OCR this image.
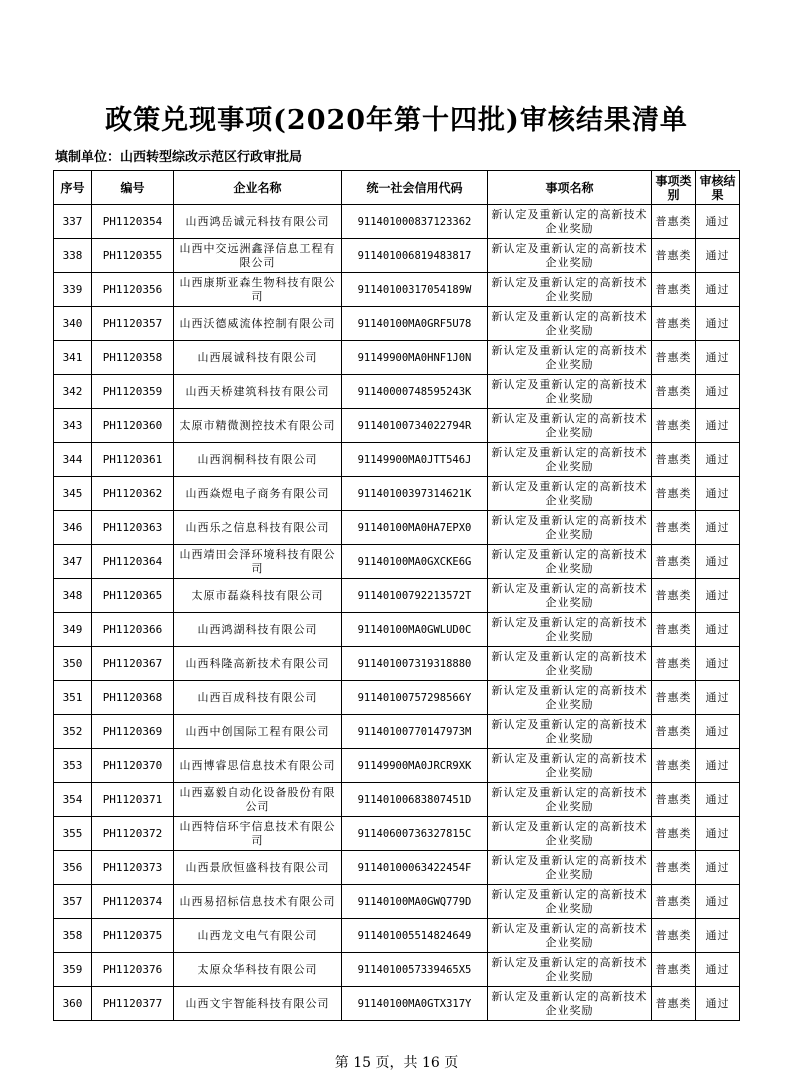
政策兑现事项(2020年第十四批)审核结果清单
填制单位：山西转型综改示范区行政审批局
序号	编号	企业名称	统一社会信用代码	事项名称	事项类别	审核结果
337	PH1120354	山西鸿岳诚元科技有限公司	911401000837123362	新认定及重新认定的高新技术企业奖励	普惠类	通过
338	PH1120355	山西中交远洲鑫泽信息工程有限公司	911401006819483817	新认定及重新认定的高新技术企业奖励	普惠类	通过
339	PH1120356	山西康斯亚森生物科技有限公司	91140100317054189W	新认定及重新认定的高新技术企业奖励	普惠类	通过
340	PH1120357	山西沃德威流体控制有限公司	91140100MA0GRF5U78	新认定及重新认定的高新技术企业奖励	普惠类	通过
341	PH1120358	山西展诚科技有限公司	91149900MA0HNF1J0N	新认定及重新认定的高新技术企业奖励	普惠类	通过
342	PH1120359	山西天桥建筑科技有限公司	91140000748595243K	新认定及重新认定的高新技术企业奖励	普惠类	通过
343	PH1120360	太原市精微测控技术有限公司	91140100734022794R	新认定及重新认定的高新技术企业奖励	普惠类	通过
344	PH1120361	山西润桐科技有限公司	91149900MA0JTT546J	新认定及重新认定的高新技术企业奖励	普惠类	通过
345	PH1120362	山西焱煜电子商务有限公司	91140100397314621K	新认定及重新认定的高新技术企业奖励	普惠类	通过
346	PH1120363	山西乐之信息科技有限公司	91140100MA0HA7EPX0	新认定及重新认定的高新技术企业奖励	普惠类	通过
347	PH1120364	山西靖田会泽环境科技有限公司	91140100MA0GXCKE6G	新认定及重新认定的高新技术企业奖励	普惠类	通过
348	PH1120365	太原市磊焱科技有限公司	91140100792213572T	新认定及重新认定的高新技术企业奖励	普惠类	通过
349	PH1120366	山西鸿湖科技有限公司	91140100MA0GWLUD0C	新认定及重新认定的高新技术企业奖励	普惠类	通过
350	PH1120367	山西科隆高新技术有限公司	911401007319318880	新认定及重新认定的高新技术企业奖励	普惠类	通过
351	PH1120368	山西百成科技有限公司	91140100757298566Y	新认定及重新认定的高新技术企业奖励	普惠类	通过
352	PH1120369	山西中创国际工程有限公司	91140100770147973M	新认定及重新认定的高新技术企业奖励	普惠类	通过
353	PH1120370	山西博睿思信息技术有限公司	91149900MA0JRCR9XK	新认定及重新认定的高新技术企业奖励	普惠类	通过
354	PH1120371	山西嘉毅自动化设备股份有限公司	91140100683807451D	新认定及重新认定的高新技术企业奖励	普惠类	通过
355	PH1120372	山西特信环宇信息技术有限公司	91140600736327815C	新认定及重新认定的高新技术企业奖励	普惠类	通过
356	PH1120373	山西景欣恒盛科技有限公司	91140100063422454F	新认定及重新认定的高新技术企业奖励	普惠类	通过
357	PH1120374	山西易招标信息技术有限公司	91140100MA0GWQ779D	新认定及重新认定的高新技术企业奖励	普惠类	通过
358	PH1120375	山西龙文电气有限公司	911401005514824649	新认定及重新认定的高新技术企业奖励	普惠类	通过
359	PH1120376	太原众华科技有限公司	9114010057339465X5	新认定及重新认定的高新技术企业奖励	普惠类	通过
360	PH1120377	山西文宇智能科技有限公司	91140100MA0GTX317Y	新认定及重新认定的高新技术企业奖励	普惠类	通过
第 15 页，共 16 页
